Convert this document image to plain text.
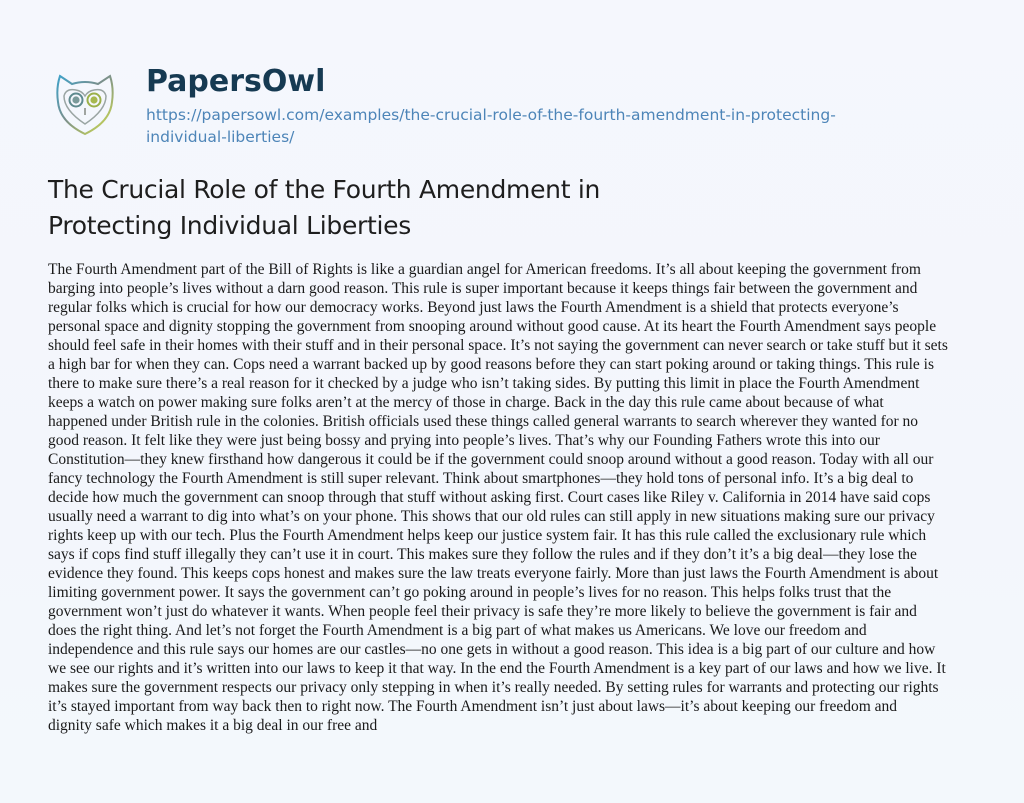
PapersOwl
https://papersowl.com/examples/the-crucial-role-of-the-fourth-amendment-in-protecting-
individual-liberties/
The Crucial Role of the Fourth Amendment in
Protecting Individual Liberties
The Fourth Amendment part of the Bill of Rights is like a guardian angel for American freedoms. It’s all about keeping the government from
barging into people’s lives without a darn good reason. This rule is super important because it keeps things fair between the government and
regular folks which is crucial for how our democracy works. Beyond just laws the Fourth Amendment is a shield that protects everyone’s
personal space and dignity stopping the government from snooping around without good cause. At its heart the Fourth Amendment says people
should feel safe in their homes with their stuff and in their personal space. It’s not saying the government can never search or take stuff but it sets
a high bar for when they can. Cops need a warrant backed up by good reasons before they can start poking around or taking things. This rule is
there to make sure there’s a real reason for it checked by a judge who isn’t taking sides. By putting this limit in place the Fourth Amendment
keeps a watch on power making sure folks aren’t at the mercy of those in charge. Back in the day this rule came about because of what
happened under British rule in the colonies. British officials used these things called general warrants to search wherever they wanted for no
good reason. It felt like they were just being bossy and prying into people’s lives. That’s why our Founding Fathers wrote this into our
Constitution—they knew firsthand how dangerous it could be if the government could snoop around without a good reason. Today with all our
fancy technology the Fourth Amendment is still super relevant. Think about smartphones—they hold tons of personal info. It’s a big deal to
decide how much the government can snoop through that stuff without asking first. Court cases like Riley v. California in 2014 have said cops
usually need a warrant to dig into what’s on your phone. This shows that our old rules can still apply in new situations making sure our privacy
rights keep up with our tech. Plus the Fourth Amendment helps keep our justice system fair. It has this rule called the exclusionary rule which
says if cops find stuff illegally they can’t use it in court. This makes sure they follow the rules and if they don’t it’s a big deal—they lose the
evidence they found. This keeps cops honest and makes sure the law treats everyone fairly. More than just laws the Fourth Amendment is about
limiting government power. It says the government can’t go poking around in people’s lives for no reason. This helps folks trust that the
government won’t just do whatever it wants. When people feel their privacy is safe they’re more likely to believe the government is fair and
does the right thing. And let’s not forget the Fourth Amendment is a big part of what makes us Americans. We love our freedom and
independence and this rule says our homes are our castles—no one gets in without a good reason. This idea is a big part of our culture and how
we see our rights and it’s written into our laws to keep it that way. In the end the Fourth Amendment is a key part of our laws and how we live. It
makes sure the government respects our privacy only stepping in when it’s really needed. By setting rules for warrants and protecting our rights
it’s stayed important from way back then to right now. The Fourth Amendment isn’t just about laws—it’s about keeping our freedom and
dignity safe which makes it a big deal in our free and
